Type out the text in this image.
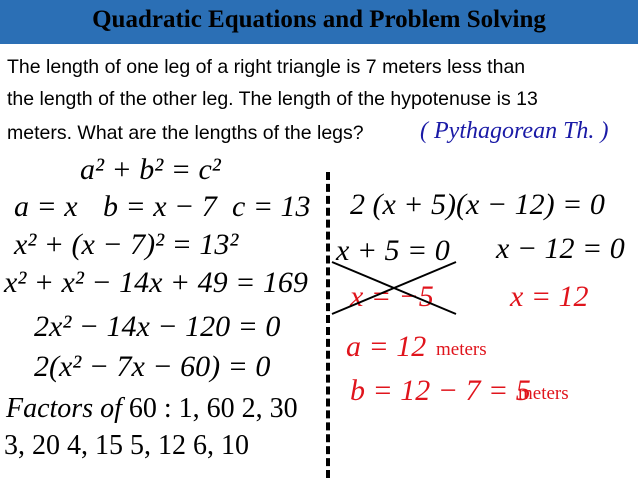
Quadratic Equations and Problem Solving
The length of one leg of a right triangle is 7 meters less than
the length of the other leg. The length of the hypotenuse is 13
meters. What are the lengths of the legs? ( Pythagorean Th. )
a² + b² = c²
a = x b = x − 7 c = 13
x² + (x − 7)² = 13²
x² + x² − 14x + 49 = 169
2x² − 14x − 120 = 0
2(x² − 7x − 60) = 0
Factors of 60 : 1, 60 2, 30
3, 20 4, 15 5, 12 6, 10
2 (x + 5)(x − 12) = 0
x + 5 = 0 x − 12 = 0
x = −5	x = 12
a = 12 meters
b = 12 − 7 = 5
meters
